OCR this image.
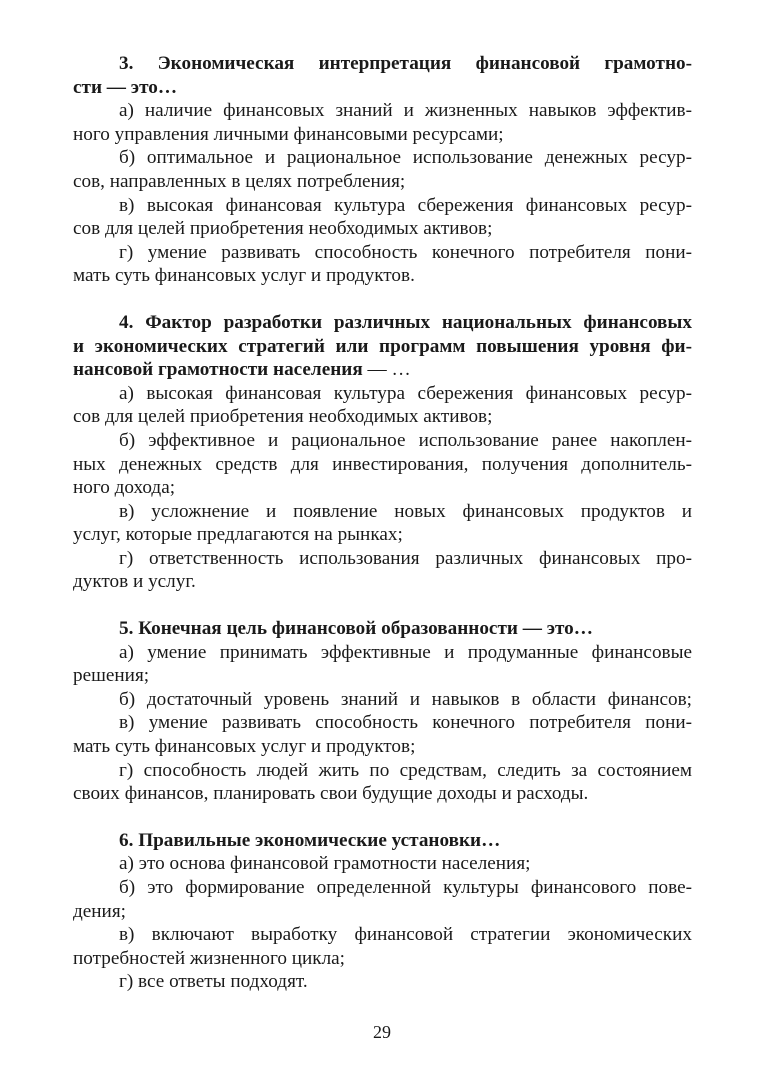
3. Экономическая интерпретация финансовой грамотно-
сти — это…
а) наличие финансовых знаний и жизненных навыков эффектив-
ного управления личными финансовыми ресурсами;
б) оптимальное и рациональное использование денежных ресур-
сов, направленных в целях потребления;
в) высокая финансовая культура сбережения финансовых ресур-
сов для целей приобретения необходимых активов;
г) умение развивать способность конечного потребителя пони-
мать суть финансовых услуг и продуктов.
4. Фактор разработки различных национальных финансовых
и экономических стратегий или программ повышения уровня фи-
нансовой грамотности населения — …
а) высокая финансовая культура сбережения финансовых ресур-
сов для целей приобретения необходимых активов;
б) эффективное и рациональное использование ранее накоплен-
ных денежных средств для инвестирования, получения дополнитель-
ного дохода;
в) усложнение и появление новых финансовых продуктов и
услуг, которые предлагаются на рынках;
г) ответственность использования различных финансовых про-
дуктов и услуг.
5. Конечная цель финансовой образованности — это…
а) умение принимать эффективные и продуманные финансовые
решения;
б) достаточный уровень знаний и навыков в области финансов;
в) умение развивать способность конечного потребителя пони-
мать суть финансовых услуг и продуктов;
г) способность людей жить по средствам, следить за состоянием
своих финансов, планировать свои будущие доходы и расходы.
6. Правильные экономические установки…
а) это основа финансовой грамотности населения;
б) это формирование определенной культуры финансового пове-
дения;
в) включают выработку финансовой стратегии экономических
потребностей жизненного цикла;
г) все ответы подходят.
29
